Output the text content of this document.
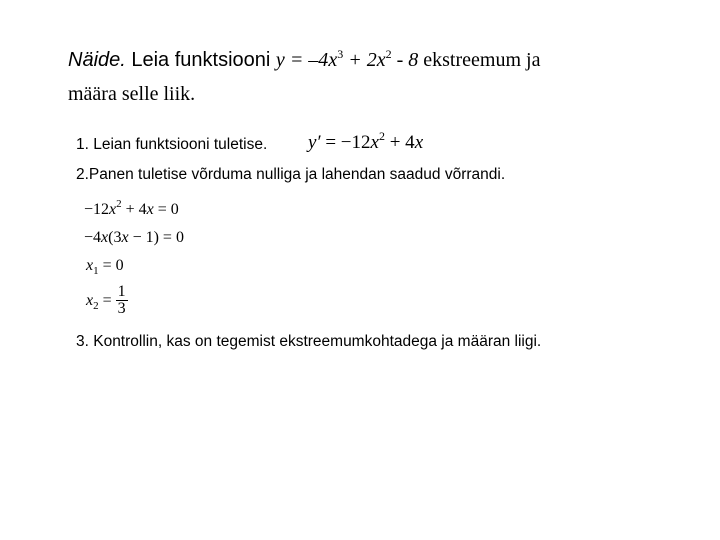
Näide. Leia funktsiooni $y = -4x^3 + 2x^2 - 8$ ekstreemum ja
määra selle liik.
1. Leian funktsiooni tuletise. $y' = -12x^2 + 4x$
2.Panen tuletise võrduma nulliga ja lahendan saadud võrrandi.
$-12x^2 + 4x = 0$
−4x(3x − 1) = 0
$x_1 = 0$
$x_2 = \frac{1}{3}$
3. Kontrollin, kas on tegemist ekstreemumkohtadega ja määran liigi.
